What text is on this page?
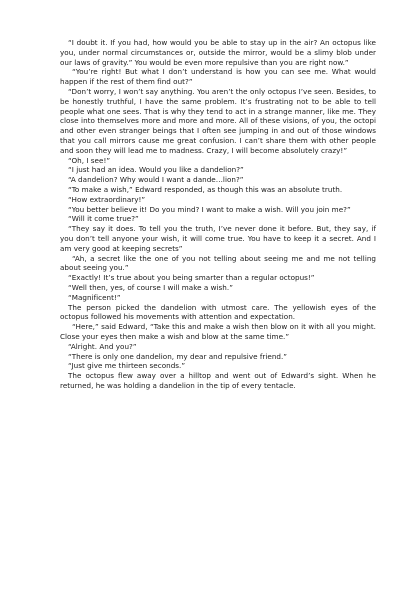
“I doubt it. If you had, how would you be able to stay up in the air? An octopus like you, under normal circumstances or, outside the mirror, would be a slimy blob under our laws of gravity.” You would be even more repulsive than you are right now.”

“You’re right! But what I don’t understand is how you can see me. What would happen if the rest of them find out?”

“Don’t worry, I won’t say anything. You aren’t the only octopus I’ve seen. Besides, to be honestly truthful, I have the same problem. It’s frustrating not to be able to tell people what one sees. That is why they tend to act in a strange manner, like me. They close into themselves more and more and more. All of these visions, of you, the octopi and other even stranger beings that I often see jumping in and out of those windows that you call mirrors cause me great confusion. I can’t share them with other people and soon they will lead me to madness. Crazy, I will become absolutely crazy!”

“Oh, I see!”

“I just had an idea. Would you like a dandelion?”

“A dandelion? Why would I want a dande…lion?”

“To make a wish,” Edward responded, as though this was an absolute truth.

“How extraordinary!”

“You better believe it! Do you mind? I want to make a wish. Will you join me?”

“Will it come true?”

“They say it does. To tell you the truth, I’ve never done it before. But, they say, if you don’t tell anyone your wish, it will come true. You have to keep it a secret. And I am very good at keeping secrets”

“Ah, a secret like the one of you not telling about seeing me and me not telling about seeing you.”

“Exactly! It’s true about you being smarter than a regular octopus!”

“Well then, yes, of course I will make a wish.”

“Magnificent!”

The person picked the dandelion with utmost care. The yellowish eyes of the octopus followed his movements with attention and expectation.

“Here,” said Edward, “Take this and make a wish then blow on it with all you might. Close your eyes then make a wish and blow at the same time.”

“Alright. And you?”

“There is only one dandelion, my dear and repulsive friend.”

“Just give me thirteen seconds.”

The octopus flew away over a hilltop and went out of Edward’s sight. When he returned, he was holding a dandelion in the tip of every tentacle.
